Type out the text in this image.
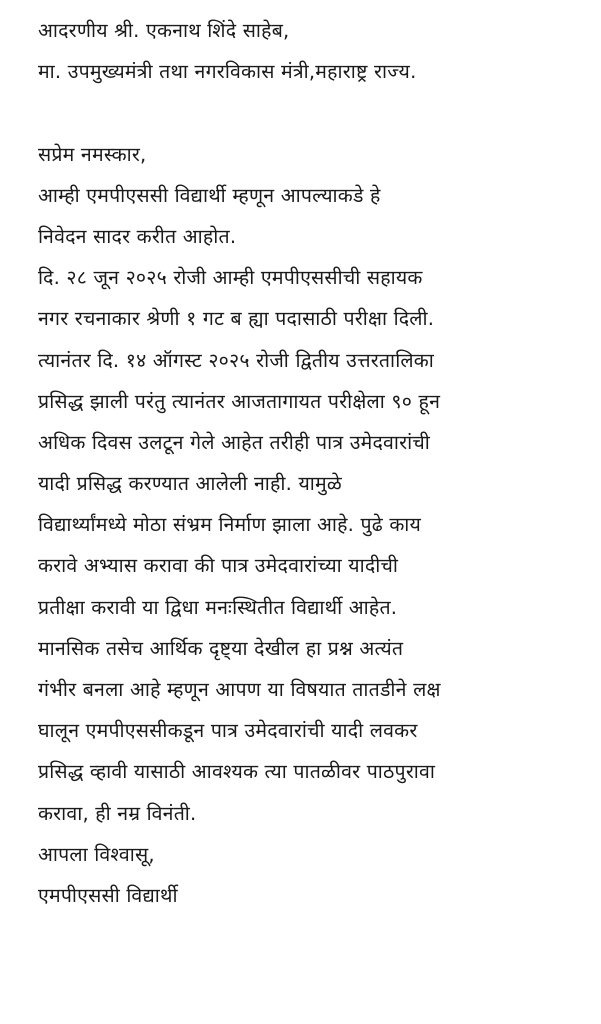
आदरणीय श्री. एकनाथ शिंदे साहेब,
मा. उपमुख्यमंत्री तथा नगरविकास मंत्री,महाराष्ट्र राज्य.
सप्रेम नमस्कार,
आम्ही एमपीएससी विद्यार्थी म्हणून आपल्याकडे हे
निवेदन सादर करीत आहोत.
दि. २८ जून २०२५ रोजी आम्ही एमपीएससीची सहायक
नगर रचनाकार श्रेणी १ गट ब ह्या पदासाठी परीक्षा दिली.
त्यानंतर दि. १४ ऑगस्ट २०२५ रोजी द्वितीय उत्तरतालिका
प्रसिद्ध झाली परंतु त्यानंतर आजतागायत परीक्षेला ९० हून
अधिक दिवस उलटून गेले आहेत तरीही पात्र उमेदवारांची
यादी प्रसिद्ध करण्यात आलेली नाही. यामुळे
विद्यार्थ्यांमध्ये मोठा संभ्रम निर्माण झाला आहे. पुढे काय
करावे अभ्यास करावा की पात्र उमेदवारांच्या यादीची
प्रतीक्षा करावी या द्विधा मनःस्थितीत विद्यार्थी आहेत.
मानसिक तसेच आर्थिक दृष्ट्या देखील हा प्रश्न अत्यंत
गंभीर बनला आहे म्हणून आपण या विषयात तातडीने लक्ष
घालून एमपीएससीकडून पात्र उमेदवारांची यादी लवकर
प्रसिद्ध व्हावी यासाठी आवश्यक त्या पातळीवर पाठपुरावा
करावा, ही नम्र विनंती.
आपला विश्वासू,
एमपीएससी विद्यार्थी
